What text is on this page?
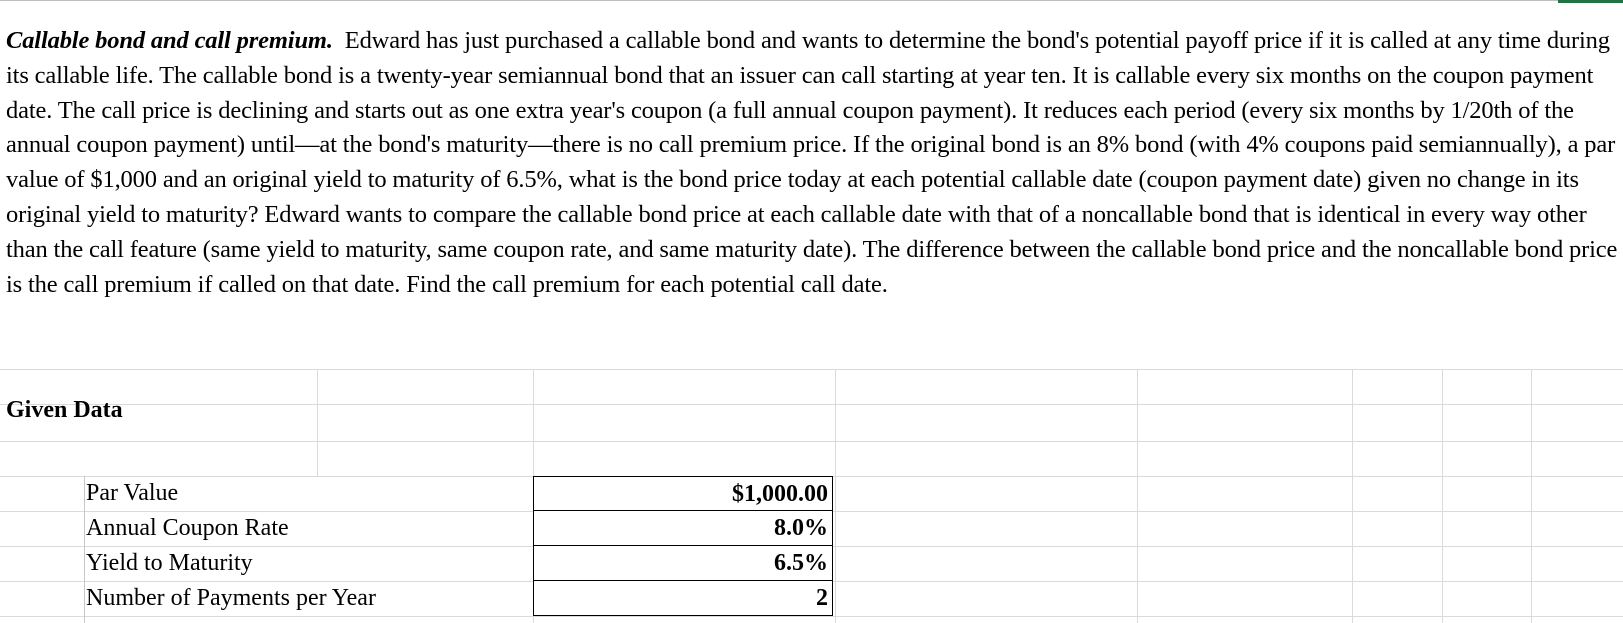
Callable bond and call premium. Edward has just purchased a callable bond and wants to determine the bond's potential payoff price if it is called at any time during its callable life. The callable bond is a twenty-year semiannual bond that an issuer can call starting at year ten. It is callable every six months on the coupon payment date. The call price is declining and starts out as one extra year's coupon (a full annual coupon payment). It reduces each period (every six months by 1/20th of the annual coupon payment) until—at the bond's maturity—there is no call premium price. If the original bond is an 8% bond (with 4% coupons paid semiannually), a par value of $1,000 and an original yield to maturity of 6.5%, what is the bond price today at each potential callable date (coupon payment date) given no change in its original yield to maturity? Edward wants to compare the callable bond price at each callable date with that of a noncallable bond that is identical in every way other than the call feature (same yield to maturity, same coupon rate, and same maturity date). The difference between the callable bond price and the noncallable bond price is the call premium if called on that date. Find the call premium for each potential call date.
Given Data
Par Value	$1,000.00
Annual Coupon Rate	8.0%
Yield to Maturity	6.5%
Number of Payments per Year	2
